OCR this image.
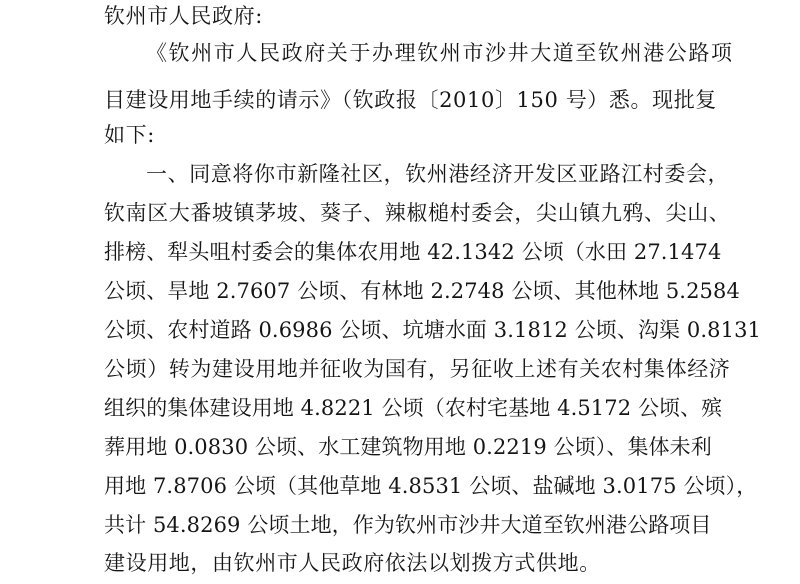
钦州市人民政府:
《钦州市人民政府关于办理钦州市沙井大道至钦州港公路项
目建设用地手续的请示》（钦政报〔2010〕150 号）悉。现批复
如下:
一、同意将你市新隆社区，钦州港经济开发区亚路江村委会，
钦南区大番坡镇茅坡、葵子、辣椒槌村委会，尖山镇九鸦、尖山、
排榜、犁头咀村委会的集体农用地 42.1342 公顷（水田 27.1474
公顷、旱地 2.7607 公顷、有林地 2.2748 公顷、其他林地 5.2584
公顷、农村道路 0.6986 公顷、坑塘水面 3.1812 公顷、沟渠 0.8131
公顷）转为建设用地并征收为国有，另征收上述有关农村集体经济
组织的集体建设用地 4.8221 公顷（农村宅基地 4.5172 公顷、殡
葬用地 0.0830 公顷、水工建筑物用地 0.2219 公顷）、集体未利
用地 7.8706 公顷（其他草地 4.8531 公顷、盐碱地 3.0175 公顷），
共计 54.8269 公顷土地，作为钦州市沙井大道至钦州港公路项目
建设用地，由钦州市人民政府依法以划拨方式供地。
